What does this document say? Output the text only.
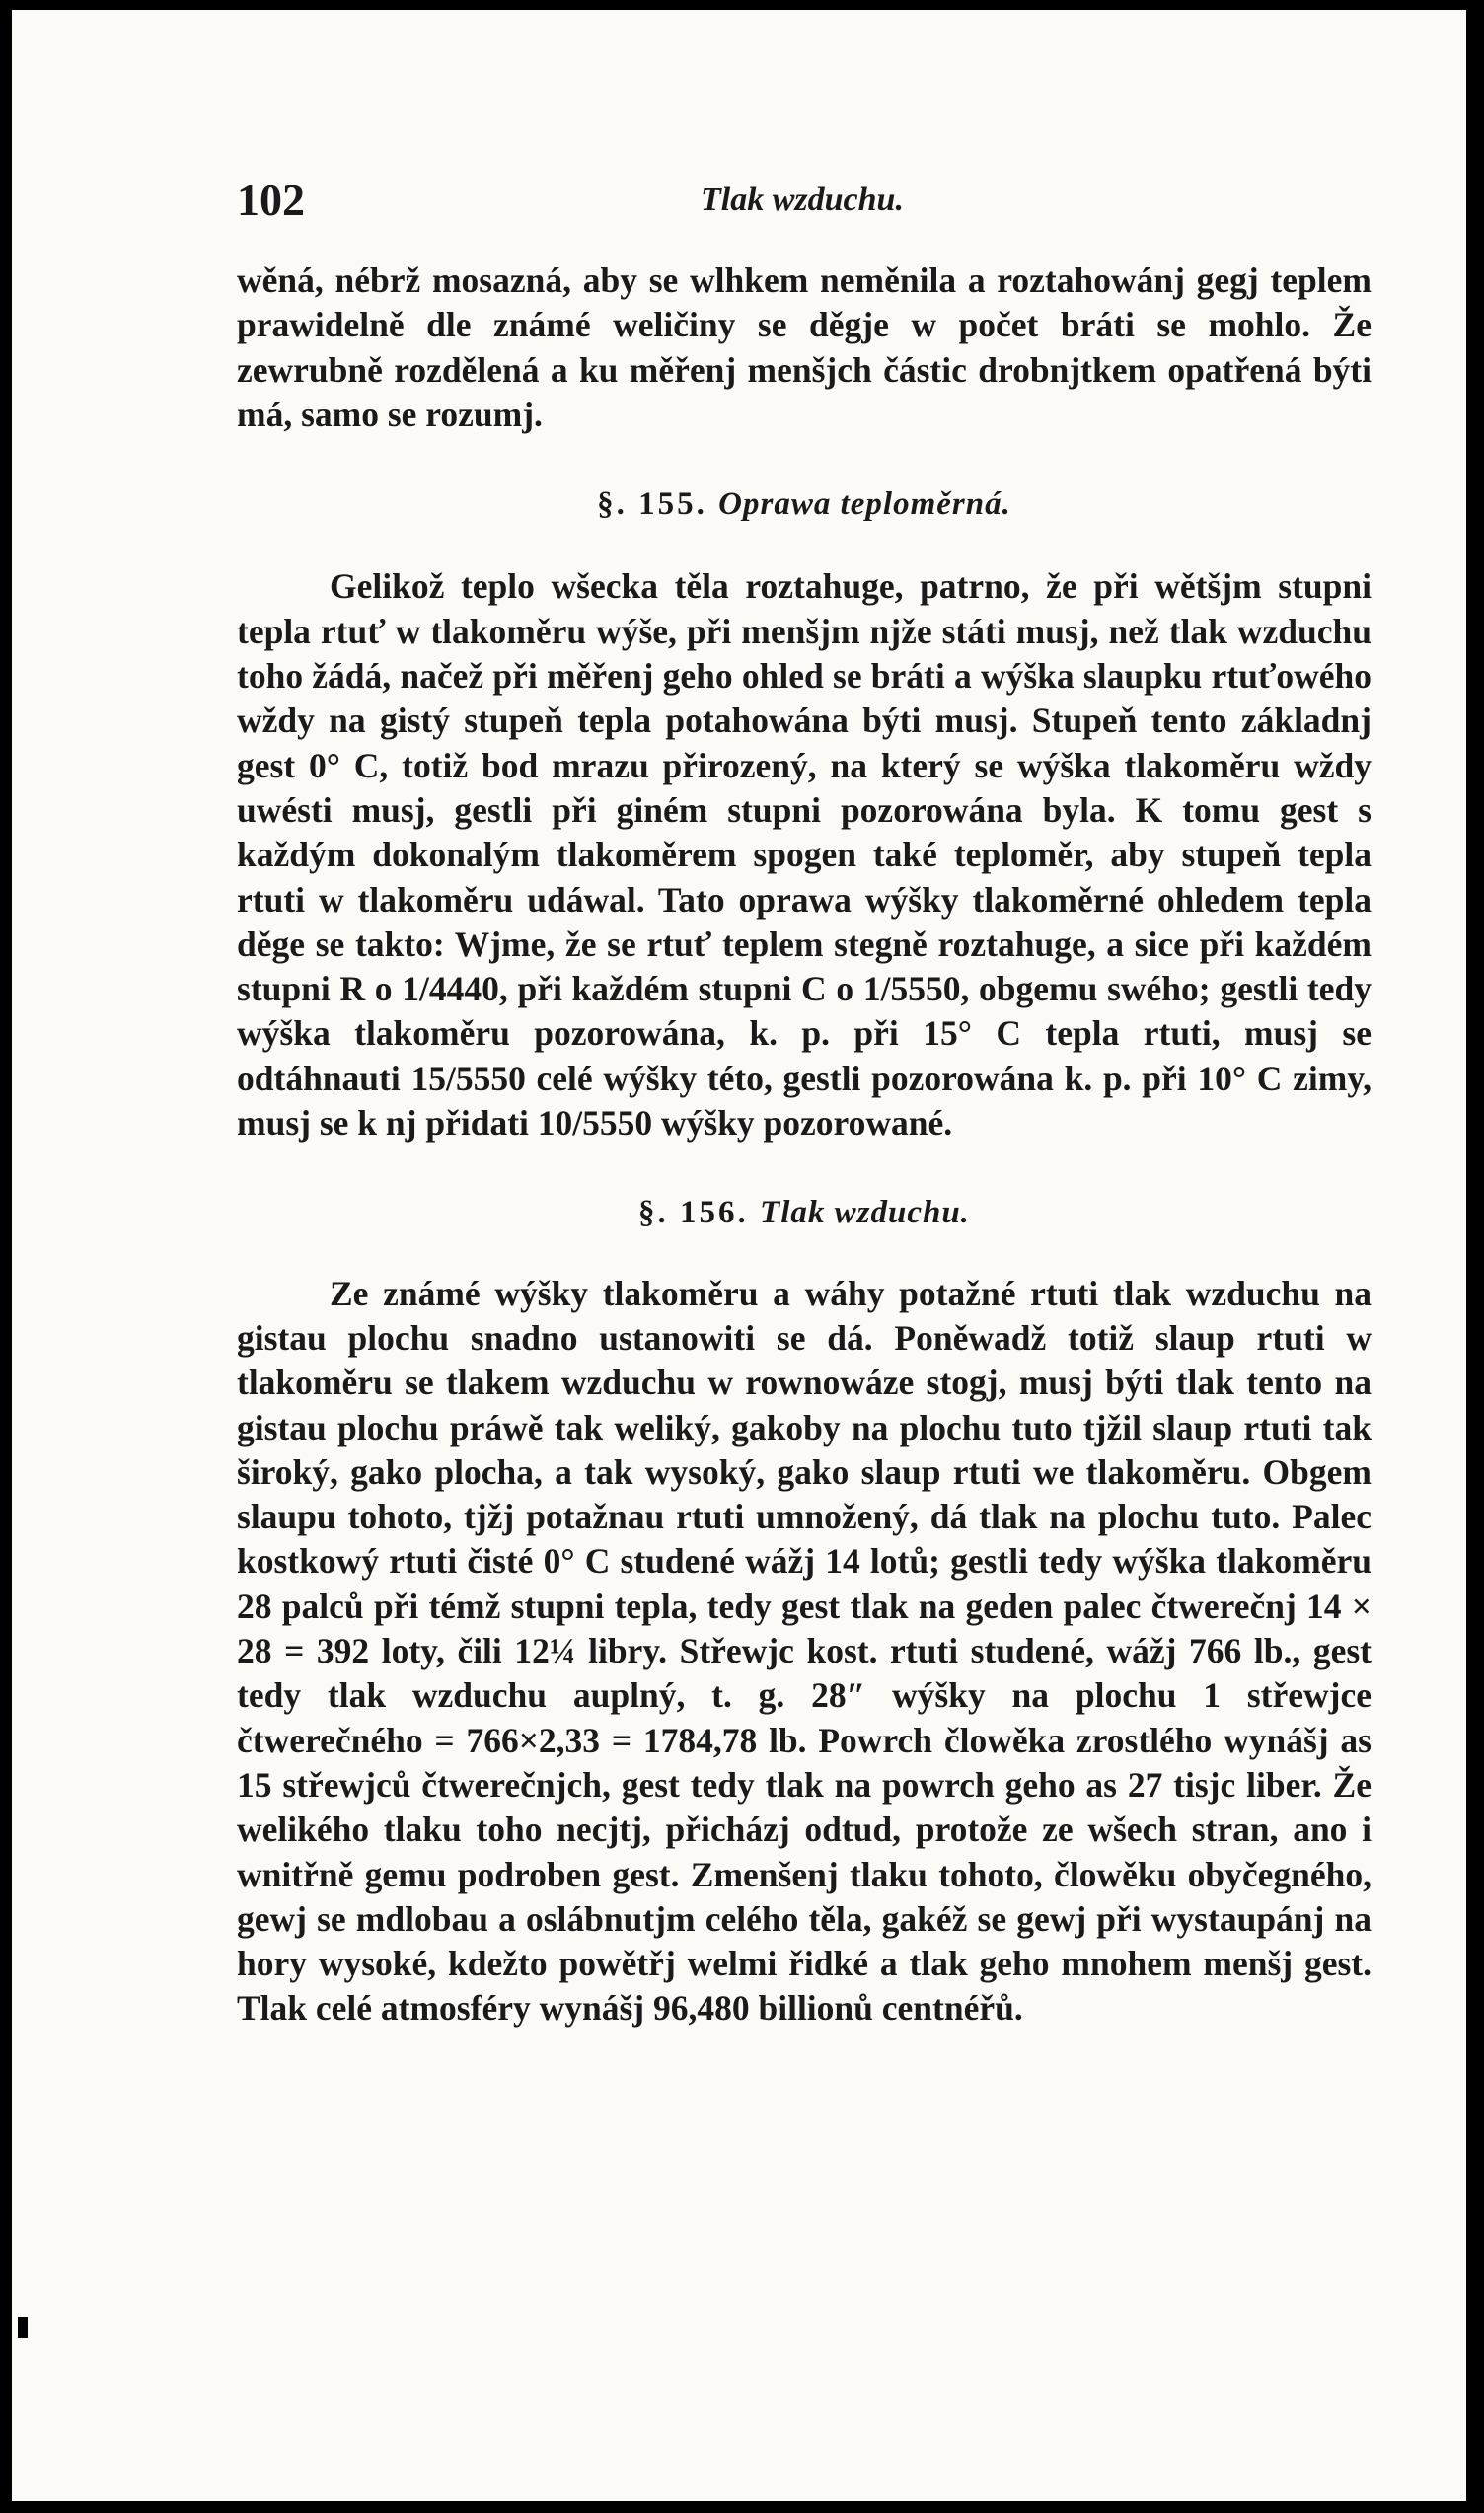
102	Tlak wzduchu.

wěná, nébrž mosazná, aby se wlhkem neměnila a roztahowánj gegj teplem prawidelně dle známé weličiny se děgje w počet bráti se mohlo. Že zewrubně rozdělená a ku měřenj menšjch částic drobnjtkem opatřená býti má, samo se rozumj.

§. 155. Oprawa teploměrná.

Gelikož teplo wšecka těla roztahuge, patrno, že při wětšjm stupni tepla rtuť w tlakoměru wýše, při menšjm njže státi musj, než tlak wzduchu toho žádá, načež při měřenj geho ohled se bráti a wýška slaupku rtuťowého wždy na gistý stupeň tepla potahowána býti musj. Stupeň tento základnj gest 0° C, totiž bod mrazu přirozený, na který se wýška tlakoměru wždy uwésti musj, gestli při giném stupni pozorowána byla. K tomu gest s každým dokonalým tlakoměrem spogen také teploměr, aby stupeň tepla rtuti w tlakoměru udáwal. Tato oprawa wýšky tlakoměrné ohledem tepla děge se takto: Wjme, že se rtuť teplem stegně roztahuge, a sice při každém stupni R o 1/4440, při každém stupni C o 1/5550, obgemu swého; gestli tedy wýška tlakoměru pozorowána, k. p. při 15° C tepla rtuti, musj se odtáhnauti 15/5550 celé wýšky této, gestli pozorowána k. p. při 10° C zimy, musj se k nj přidati 10/5550 wýšky pozorowané.

§. 156. Tlak wzduchu.

Ze známé wýšky tlakoměru a wáhy potažné rtuti tlak wzduchu na gistau plochu snadno ustanowiti se dá. Poněwadž totiž slaup rtuti w tlakoměru se tlakem wzduchu w rownowáze stogj, musj býti tlak tento na gistau plochu práwě tak weliký, gakoby na plochu tuto tjžil slaup rtuti tak široký, gako plocha, a tak wysoký, gako slaup rtuti we tlakoměru. Obgem slaupu tohoto, tjžj potažnau rtuti umnožený, dá tlak na plochu tuto. Palec kostkowý rtuti čisté 0° C studené wážj 14 lotů; gestli tedy wýška tlakoměru 28 palců při témž stupni tepla, tedy gest tlak na geden palec čtwerečnj 14 × 28 = 392 loty, čili 12¼ libry. Střewjc kost. rtuti studené, wážj 766 lb., gest tedy tlak wzduchu auplný, t. g. 28″ wýšky na plochu 1 střewjce čtwerečného = 766×2,33 = 1784,78 lb. Powrch člowěka zrostlého wynášj as 15 střewjců čtwerečnjch, gest tedy tlak na powrch geho as 27 tisjc liber. Že welikého tlaku toho necjtj, přicházj odtud, protože ze wšech stran, ano i wnitřně gemu podroben gest. Zmenšenj tlaku tohoto, člowěku obyčegného, gewj se mdlobau a oslábnutjm celého těla, gakéž se gewj při wystaupánj na hory wysoké, kdežto powětřj welmi řidké a tlak geho mnohem menšj gest. Tlak celé atmosféry wynášj 96,480 billionů centnéřů.
